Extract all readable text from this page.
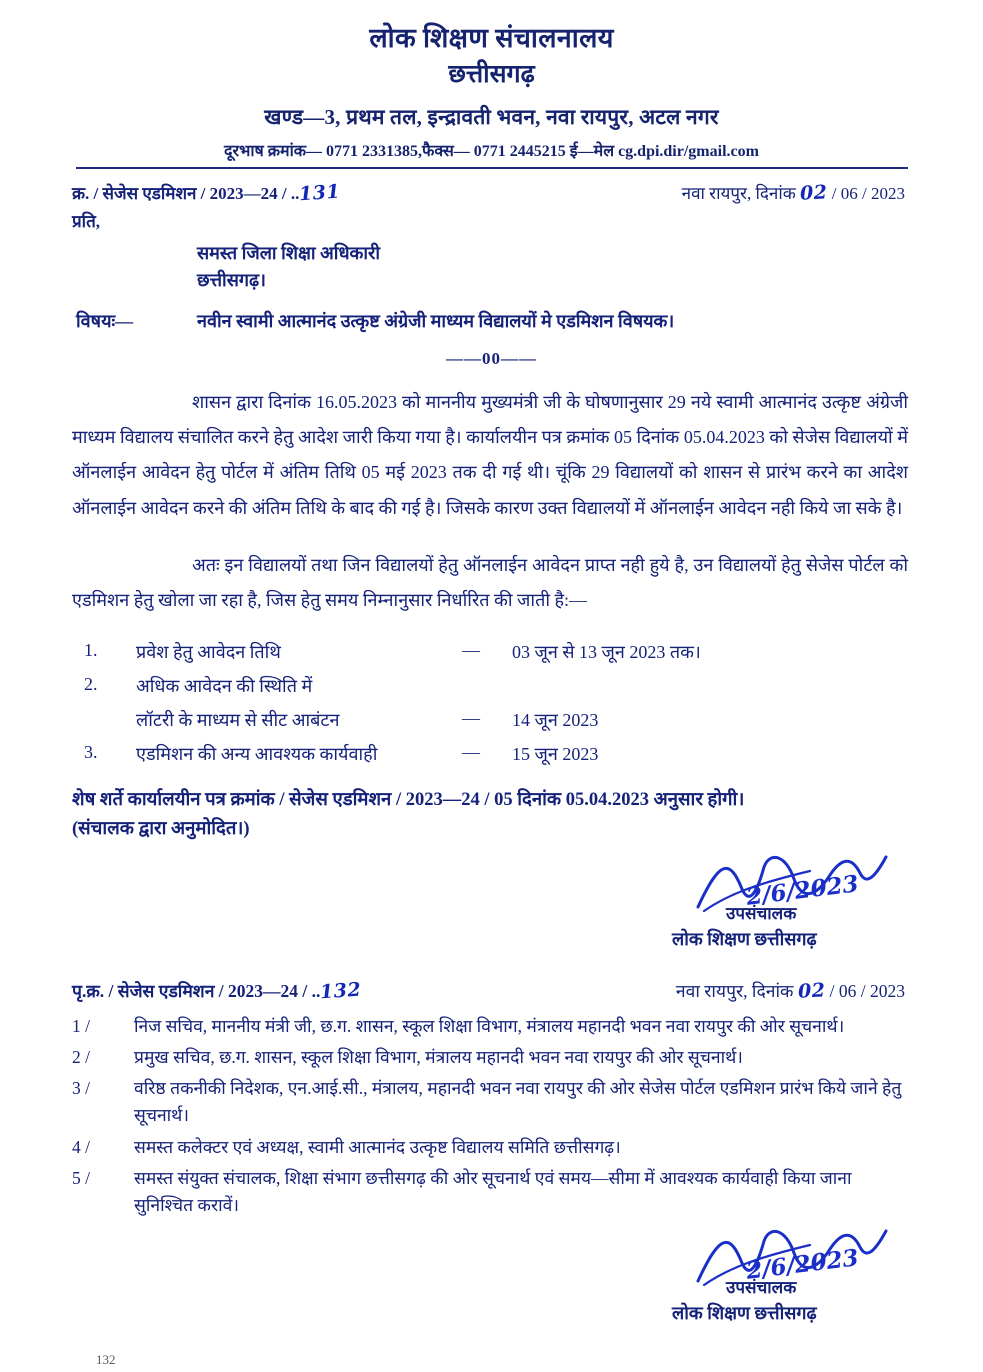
लोक शिक्षण संचालनालय
छत्तीसगढ़
खण्ड—3, प्रथम तल, इन्द्रावती भवन, नवा रायपुर, अटल नगर
दूरभाष क्रमांक— 0771 2331385,फैक्स— 0771 2445215 ई—मेल cg.dpi.dir/gmail.com
क्र. / सेजेस एडमिशन / 2023—24 / ..131	नवा रायपुर, दिनांक 02 / 06 / 2023
प्रति,
समस्त जिला शिक्षा अधिकारी
छत्तीसगढ़।
विषयः—	नवीन स्वामी आत्मानंद उत्कृष्ट अंग्रेजी माध्यम विद्यालयों मे एडमिशन विषयक।
——00——
शासन द्वारा दिनांक 16.05.2023 को माननीय मुख्यमंत्री जी के घोषणानुसार 29 नये स्वामी आत्मानंद उत्कृष्ट अंग्रेजी माध्यम विद्यालय संचालित करने हेतु आदेश जारी किया गया है। कार्यालयीन पत्र क्रमांक 05 दिनांक 05.04.2023 को सेजेस विद्यालयों में ऑनलाईन आवेदन हेतु पोर्टल में अंतिम तिथि 05 मई 2023 तक दी गई थी। चूंकि 29 विद्यालयों को शासन से प्रारंभ करने का आदेश ऑनलाईन आवेदन करने की अंतिम तिथि के बाद की गई है। जिसके कारण उक्त विद्यालयों में ऑनलाईन आवेदन नही किये जा सके है।
अतः इन विद्यालयों तथा जिन विद्यालयों हेतु ऑनलाईन आवेदन प्राप्त नही हुये है, उन विद्यालयों हेतु सेजेस पोर्टल को एडमिशन हेतु खोला जा रहा है, जिस हेतु समय निम्नानुसार निर्धारित की जाती है:—
1.	प्रवेश हेतु आवेदन तिथि	— 03 जून से 13 जून 2023 तक।
2.	अधिक आवेदन की स्थिति में
लॉटरी के माध्यम से सीट आबंटन	— 14 जून 2023
3.	एडमिशन की अन्य आवश्यक कार्यवाही	— 15 जून 2023
शेष शर्ते कार्यालयीन पत्र क्रमांक / सेजेस एडमिशन / 2023—24 / 05 दिनांक 05.04.2023 अनुसार होगी।
(संचालक द्वारा अनुमोदित।)
2/6/2023
उपसंचालक
लोक शिक्षण छत्तीसगढ़
पृ.क्र. / सेजेस एडमिशन / 2023—24 / ..132	नवा रायपुर, दिनांक 02 / 06 / 2023
1 /	निज सचिव, माननीय मंत्री जी, छ.ग. शासन, स्कूल शिक्षा विभाग, मंत्रालय महानदी भवन नवा रायपुर की ओर सूचनार्थ।
2 /	प्रमुख सचिव, छ.ग. शासन, स्कूल शिक्षा विभाग, मंत्रालय महानदी भवन नवा रायपुर की ओर सूचनार्थ।
3 /	वरिष्ठ तकनीकी निदेशक, एन.आई.सी., मंत्रालय, महानदी भवन नवा रायपुर की ओर सेजेस पोर्टल एडमिशन प्रारंभ किये जाने हेतु सूचनार्थ।
4 /	समस्त कलेक्टर एवं अध्यक्ष, स्वामी आत्मानंद उत्कृष्ट विद्यालय समिति छत्तीसगढ़।
5 /	समस्त संयुक्त संचालक, शिक्षा संभाग छत्तीसगढ़ की ओर सूचनार्थ एवं समय—सीमा में आवश्यक कार्यवाही किया जाना सुनिश्चित करावें।
2/6/2023
उपसंचालक
लोक शिक्षण छत्तीसगढ़
132
